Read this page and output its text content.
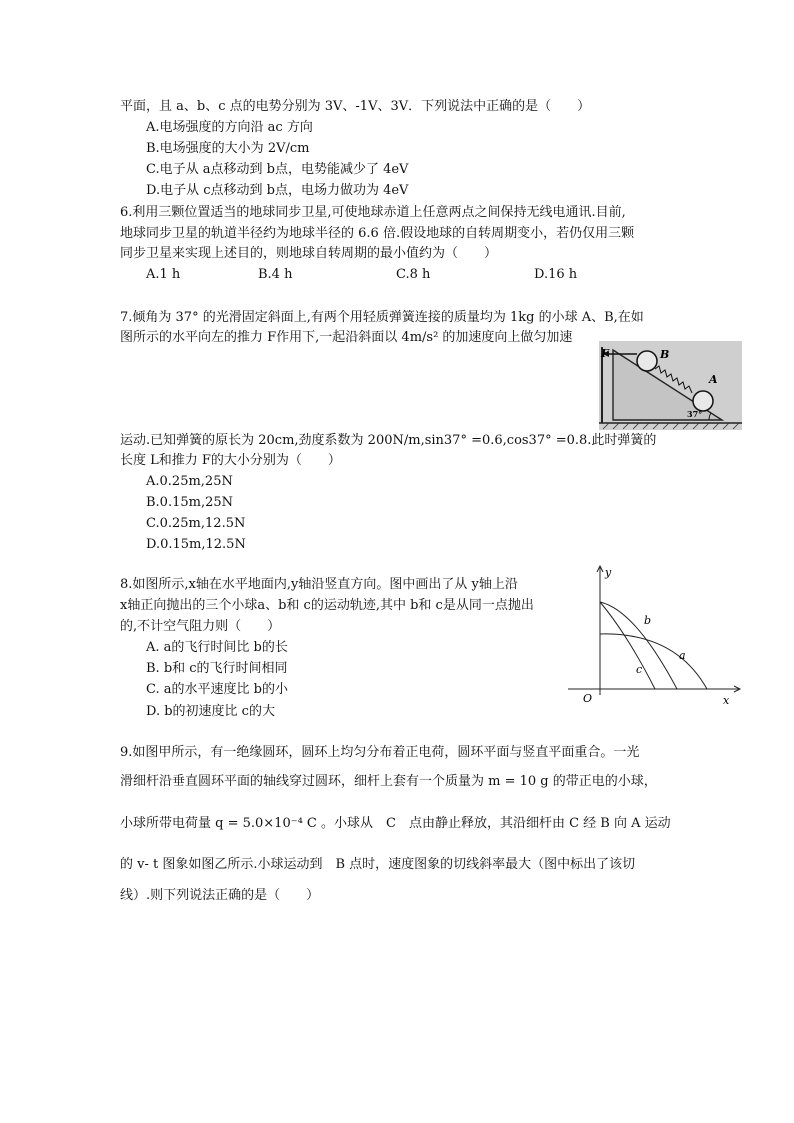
平面，且 a、b、c 点的电势分别为 3V、-1V、3V．下列说法中正确的是（　　）
A.电场强度的方向沿 ac 方向
B.电场强度的大小为 2V/cm
C.电子从 a点移动到 b点，电势能减少了 4eV
D.电子从 c点移动到 b点，电场力做功为 4eV
6.利用三颗位置适当的地球同步卫星,可使地球赤道上任意两点之间保持无线电通讯.目前,
地球同步卫星的轨道半径约为地球半径的 6.6 倍.假设地球的自转周期变小，若仍仅用三颗
同步卫星来实现上述目的，则地球自转周期的最小值约为（　　）
A.1 h	B.4 h	C.8 h	D.16 h
7.倾角为 37° 的光滑固定斜面上,有两个用轻质弹簧连接的质量均为 1kg 的小球 A、B,在如
图所示的水平向左的推力 F作用下,一起沿斜面以 4m/s² 的加速度向上做匀加速
F	B
A
37°
运动.已知弹簧的原长为 20cm,劲度系数为 200N/m,sin37° =0.6,cos37° =0.8.此时弹簧的
长度 L和推力 F的大小分别为（　　）
A.0.25m,25N
B.0.15m,25N
C.0.25m,12.5N
D.0.15m,12.5N
8.如图所示,x轴在水平地面内,y轴沿竖直方向。图中画出了从 y轴上沿
x轴正向抛出的三个小球a、b和 c的运动轨迹,其中 b和 c是从同一点抛出
的,不计空气阻力则（　　）
A. a的飞行时间比 b的长
B. b和 c的飞行时间相同
C. a的水平速度比 b的小
D. b的初速度比 c的大
y
x
O
b
a
c
9.如图甲所示，有一绝缘圆环，圆环上均匀分布着正电荷，圆环平面与竖直平面重合。一光
滑细杆沿垂直圆环平面的轴线穿过圆环，细杆上套有一个质量为 m = 10 g 的带正电的小球，
小球所带电荷量 q = 5.0×10⁻⁴ C 。小球从　C　点由静止释放，其沿细杆由 C 经 B 向 A 运动
的 v- t 图象如图乙所示.小球运动到　B 点时，速度图象的切线斜率最大（图中标出了该切
线）.则下列说法正确的是（　　）
